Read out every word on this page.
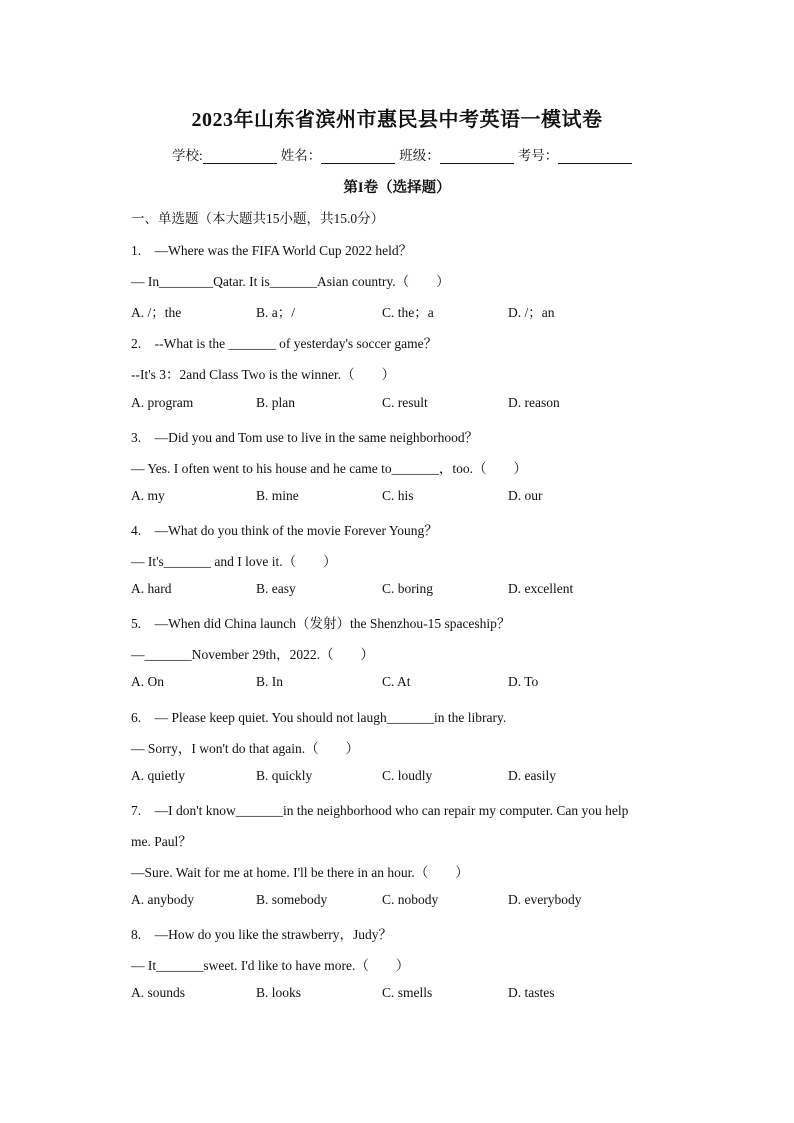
2023年山东省滨州市惠民县中考英语一模试卷
学校:	姓名：	班级：	考号：
第I卷（选择题）
一、单选题（本大题共15小题，共15.0分）
1.　—Where was the FIFA World Cup 2022 held？
— In________Qatar. It is_______Asian country.（　　）
A. /；the	B. a；/	C. the；a	D. /；an
2.　--What is the _______ of yesterday's soccer game？
--It's 3：2and Class Two is the winner.（　　）
A. program	B. plan	C. result	D. reason
3.　—Did you and Tom use to live in the same neighborhood？
— Yes. I often went to his house and he came to_______，too.（　　）
A. my	B. mine	C. his	D. our
4.　—What do you think of the movie Forever Young？
— It's_______ and I love it.（　　）
A. hard	B. easy	C. boring	D. excellent
5.　—When did China launch（发射）the Shenzhou-15 spaceship？
—_______November 29th，2022.（　　）
A. On	B. In	C. At	D. To
6.　— Please keep quiet. You should not laugh_______in the library.
— Sorry，I won't do that again.（　　）
A. quietly	B. quickly	C. loudly	D. easily
7.　—I don't know_______in the neighborhood who can repair my computer. Can you help
me. Paul？
—Sure. Wait for me at home. I'll be there in an hour.（　　）
A. anybody	B. somebody	C. nobody	D. everybody
8.　—How do you like the strawberry，Judy？
— It_______sweet. I'd like to have more.（　　）
A. sounds	B. looks	C. smells	D. tastes
